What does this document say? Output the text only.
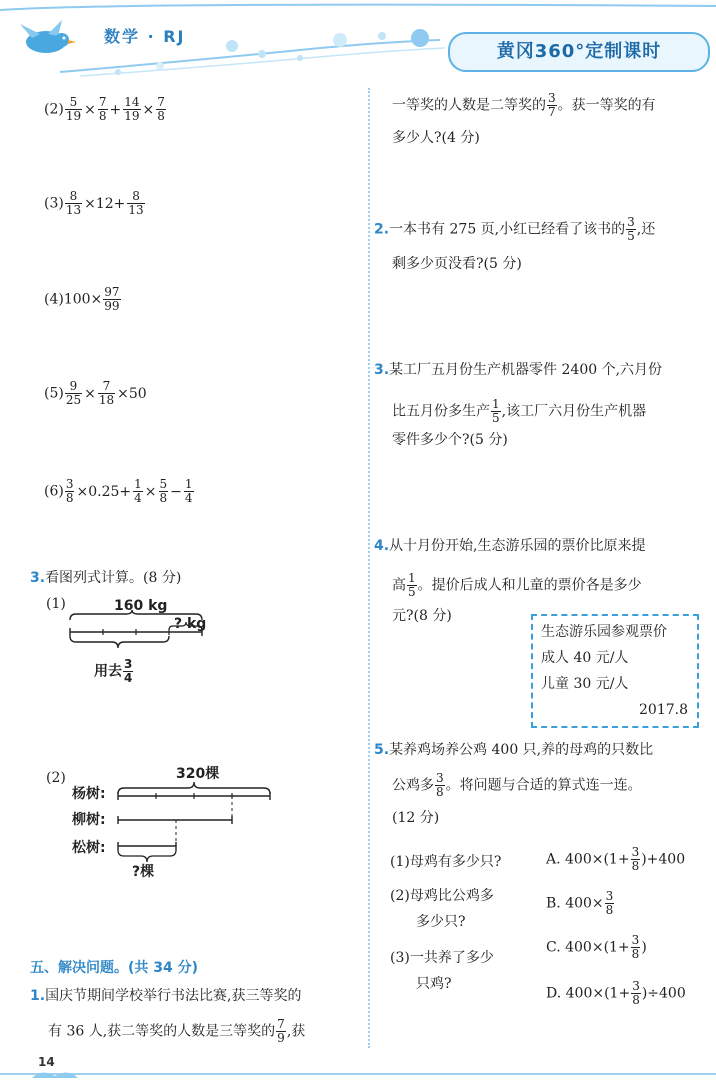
数学 · RJ
黄冈360°定制课时
$(2) \frac{5}{19} \times \frac{7}{8} + \frac{14}{19} \times \frac{7}{8}$
$(3) \frac{8}{13} \times 12+ \frac{8}{13}$
$(4)100\times \frac{97}{99}$
$(5) \frac{9}{25} \times \frac{7}{18} \times 50$
$(6) \frac{3}{8} \times 0.25+ \frac{1}{4} \times \frac{5}{8} - \frac{1}{4}$
3.看图列式计算。(8 分)
(1)	160 kg
? kg
用去 $\frac{3}{4}$
(2)	320棵
杨树:
柳树:
松树:
?棵
五、解决问题。(共 34 分)
1.国庆节期间学校举行书法比赛,获三等奖的
有 36 人,获二等奖的人数是三等奖的 $\frac{7}{9}$ ,获
一等奖的人数是二等奖的 $\frac{3}{7}$ 。获一等奖的有
多少人?(4 分)
2.一本书有 275 页,小红已经看了该书的 $\frac{3}{5}$ ,还
剩多少页没看?(5 分)
3.某工厂五月份生产机器零件 2400 个,六月份
比五月份多生产 $\frac{1}{5}$ ,该工厂六月份生产机器
零件多少个?(5 分)
4.从十月份开始,生态游乐园的票价比原来提
高 $\frac{1}{5}$ 。提价后成人和儿童的票价各是多少
元?(8 分)
生态游乐园参观票价
成人 40 元/人
儿童 30 元/人
2017.8
5.某养鸡场养公鸡 400 只,养的母鸡的只数比
公鸡多 $\frac{3}{8}$ 。将问题与合适的算式连一连。
(12 分)
(1)母鸡有多少只?
(2)母鸡比公鸡多
多少只?
(3)一共养了多少
只鸡?
A. $400\times(1+ \frac{3}{8} )+400$
B. $400\times \frac{3}{8}$
C. $400\times(1+ \frac{3}{8}$ )
D. $400\times(1+ \frac{3}{8} )\div 400$
14
